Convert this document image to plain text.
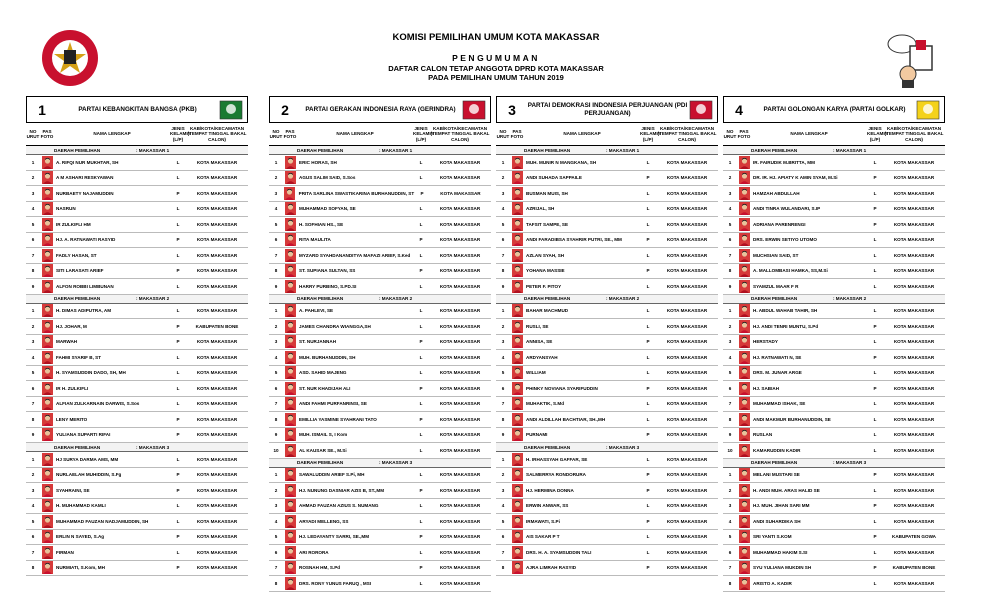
KOMISI PEMILIHAN UMUM KOTA MAKASSAR
PENGUMUMAN
DAFTAR CALON TETAP ANGGOTA DPRD KOTA MAKASSAR
PADA PEMILIHAN UMUM TAHUN 2019
1	PARTAI KEBANGKITAN BANGSA (PKB)
NO URUT
PAS FOTO
NAMA LENGKAP
JENIS KELAMIN (L/P)
KAB/KOTA/KECAMATAN (TEMPAT TINGGAL BAKAL CALON)
DAERAH PEMILIHAN	: MAKASSAR 1
1	A. RIFQI NUR MUKHTAR, SH	L	KOTA MAKASSAR
2	A M ASHARI RESKYAWAN	L	KOTA MAKASSAR
3	NURBAETY NAJAMUDDIN	P	KOTA MAKASSAR
4	NASRUN	L	KOTA MAKASSAR
5	IR ZULKIFLI HM	L	KOTA MAKASSAR
6	HJ. A. RATNAWATI RASYID	P	KOTA MAKASSAR
7	FADLY HASAN, ST	L	KOTA MAKASSAR
8	SITI LARASATI ARIEF	P	KOTA MAKASSAR
9	ALFON ROBBI LIMBUNAN	L	KOTA MAKASSAR
DAERAH PEMILIHAN	: MAKASSAR 2
1	H. DIMAS ADIPUTRA, AM	L	KOTA MAKASSAR
2	HJ. JOHAR, M	P	KABUPATEN BONE
3	MARWAH	P	KOTA MAKASSAR
4	FAHMI SYARIF B, ST	L	KOTA MAKASSAR
5	H. SYAMSUDDIN DADO, SH, MH	L	KOTA MAKASSAR
6	IR H. ZULKIFLI	L	KOTA MAKASSAR
7	ALFIAN ZULKARNAIN DARWIS, S.Sos	L	KOTA MAKASSAR
8	LENY MERITO	P	KOTA MAKASSAR
9	YULIANA SUPARTI RIFAI	P	KOTA MAKASSAR
DAERAH PEMILIHAN	: MAKASSAR 3
1	HJ SURYA DARMA AMS, MM	L	KOTA MAKASSAR
2	NURLAELAH MUHIDDIN, S.Fg	P	KOTA MAKASSAR
3	SYAHRAINI, SE	P	KOTA MAKASSAR
4	H. MUHAMMAD KAMLI	L	KOTA MAKASSAR
5	MUHAMMAD FAUZAN NADJAMUDDIN, SH	L	KOTA MAKASSAR
6	ERLIN N SAYED, S.Ag	P	KOTA MAKASSAR
7	FIRMAN	L	KOTA MAKASSAR
8	NURMIATI, S.Kom, MH	P	KOTA MAKASSAR
2	PARTAI GERAKAN INDONESIA RAYA (GERINDRA)
NO URUT
PAS FOTO
NAMA LENGKAP
JENIS KELAMIN (L/P)
KAB/KOTA/KECAMATAN (TEMPAT TINGGAL BAKAL CALON)
DAERAH PEMILIHAN	: MAKASSAR 1
1	ERIC HORAS, SH	L	KOTA MAKASSAR
2	AGUS SALIM SAID, S.Sos	L	KOTA MAKASSAR
3	PRITA SARLINA SWASTIKARINA BURHANUDDIN, ST	P	KOTA MAKASSAR
4	MUHAMMAD SOFYAN, SE	L	KOTA MAKASSAR
5	H. SOFHIAN HS., SE	L	KOTA MAKASSAR
6	RITA MAULITA	P	KOTA MAKASSAR
7	MYZARD SYAHDANANDITYA MAFAZI ARIEF, S.Ked	L	KOTA MAKASSAR
8	ST. SUPIANA SULTAN, SS	P	KOTA MAKASSAR
9	HARRY PURBINO, S.PD.SI	L	KOTA MAKASSAR
DAERAH PEMILIHAN	: MAKASSAR 2
1	A. PAHLEVI, SE	L	KOTA MAKASSAR
2	JAMES CHANDRA WIANGGA,SH	L	KOTA MAKASSAR
3	ST. NURJANNAH	P	KOTA MAKASSAR
4	MUH. BURHANUDDIN, SH	L	KOTA MAKASSAR
5	ASD. SAHID MAJENG	L	KOTA MAKASSAR
6	ST. NUR KHADIJAH ALI	P	KOTA MAKASSAR
7	ANDI FAHMI PURFANRINSI, SE	L	KOTA MAKASSAR
8	EMILLIA YASMINE SYAHRANI TATO	P	KOTA MAKASSAR
9	MUH. ISMAIL S, I Kom	L	KOTA MAKASSAR
10	AL KAUSAR SE., M.Si	L	KOTA MAKASSAR
DAERAH PEMILIHAN	: MAKASSAR 3
1	SAWALUDDIN ARIEF S.Pi, MH	L	KOTA MAKASSAR
2	HJ. NUNUNG DASNIAR AZIS B, ST.,MM	P	KOTA MAKASSAR
3	AHMAD FAUZAN AZIUS S. NUMANG	L	KOTA MAKASSAR
4	ARYADI MELLENG, SS	L	KOTA MAKASSAR
5	HJ. LEDAYANTY SARRI, SE.,MM	P	KOTA MAKASSAR
6	ARI RORORA	L	KOTA MAKASSAR
7	ROSNAH HM, S.Pd	P	KOTA MAKASSAR
8	DRS. RONY YUNUS FARUQ , MSI	L	KOTA MAKASSAR
3	PARTAI DEMOKRASI INDONESIA PERJUANGAN (PDI PERJUANGAN)
NO URUT
PAS FOTO
NAMA LENGKAP
JENIS KELAMIN (L/P)
KAB/KOTA/KECAMATAN (TEMPAT TINGGAL BAKAL CALON)
DAERAH PEMILIHAN	: MAKASSAR 1
1	MUH. MUNIR N MANGKANA, SH	L	KOTA MAKASSAR
2	ANDI SUHADA SAPPAILE	P	KOTA MAKASSAR
3	BUSMAN MUIS, SH	L	KOTA MAKASSAR
4	AZRIJAL, SH	L	KOTA MAKASSAR
5	TAFSIT SAMPE, SE	L	KOTA MAKASSAR
6	ANDI FARADIBSA SYAHRIR PUTRI, SE., MM	P	KOTA MAKASSAR
7	AZLAN SYAH, SH	L	KOTA MAKASSAR
8	YOHANA MASSIE	P	KOTA MAKASSAR
9	PETER F. PITOY	L	KOTA MAKASSAR
DAERAH PEMILIHAN	: MAKASSAR 2
1	BAHAR MACHMUD	L	KOTA MAKASSAR
2	RUSLI, SE	L	KOTA MAKASSAR
3	ANNISA, SE	P	KOTA MAKASSAR
4	ARDYANSYAH	L	KOTA MAKASSAR
5	WILLIAM	L	KOTA MAKASSAR
6	PHINKY NOVIANA SYARIFUDDIN	P	KOTA MAKASSAR
7	MUHAKTIK, S.Md	L	KOTA MAKASSAR
8	ANDI ALDILLAH BACHTIAR, SH.,MH	L	KOTA MAKASSAR
9	PURNAMI	P	KOTA MAKASSAR
DAERAH PEMILIHAN	: MAKASSAR 3
1	H. IRHASSYAH GAFFAR, SE	L	KOTA MAKASSAR
2	SALMERRYA RONDORURA	P	KOTA MAKASSAR
3	HJ. HERMINA DONNA	P	KOTA MAKASSAR
4	ERWIN ANWAR, SS	L	KOTA MAKASSAR
5	IRMAWATI, S.Pi	P	KOTA MAKASSAR
6	AIS SAKAR P T	L	KOTA MAKASSAR
7	DRS. H. A. SYAMSUDDIN TALI	L	KOTA MAKASSAR
8	AJRA LIMRAH RASYID	P	KOTA MAKASSAR
4	PARTAI GOLONGAN KARYA (PARTAI GOLKAR)
NO URUT
PAS FOTO
NAMA LENGKAP
JENIS KELAMIN (L/P)
KAB/KOTA/KECAMATAN (TEMPAT TINGGAL BAKAL CALON)
DAERAH PEMILIHAN	: MAKASSAR 1
1	IR. FAIRUDIK M.BRITTA, MM	L	KOTA MAKASSAR
2	DR. IR. HJ. APIATY K AMIN SYAM, M.Si	P	KOTA MAKASSAR
3	HAMZAH ABDULLAH	L	KOTA MAKASSAR
4	ANDI TINRA WULANDARI, S.IP	P	KOTA MAKASSAR
5	ADRIANA PARENRENGI	P	KOTA MAKASSAR
6	DRS. ERWIN SETIYO UTOMO	L	KOTA MAKASSAR
7	MUCHSIAN SAID, ST	L	KOTA MAKASSAR
8	A. MALLOMBASI HAMKA, SS,M.Si	L	KOTA MAKASSAR
9	SYAMZUL MAAR F R	L	KOTA MAKASSAR
DAERAH PEMILIHAN	: MAKASSAR 2
1	H. ABDUL WAHAB TAHIR, SH	L	KOTA MAKASSAR
2	HJ. ANDI TENRI MUNTU, S.Pd	P	KOTA MAKASSAR
3	HERSTADY	L	KOTA MAKASSAR
4	HJ. RATNAWATI N, SE	P	KOTA MAKASSAR
5	DRS. M. JUNAR ARGE	L	KOTA MAKASSAR
6	HJ. SABIAH	P	KOTA MAKASSAR
7	MUHAMMAD ISHAK, SE	L	KOTA MAKASSAR
8	ANDI MAKMUR BURHANUDDIN, SE	L	KOTA MAKASSAR
9	RUSLAN	L	KOTA MAKASSAR
10	KAMARUDDIN KADIR	L	KOTA MAKASSAR
DAERAH PEMILIHAN	: MAKASSAR 3
1	MELANI MUSTARI SE	P	KOTA MAKASSAR
2	H. ANDI MUH. ARAS HALID SE	L	KOTA MAKASSAR
3	HJ. MUH. JIHAN SARI MM	P	KOTA MAKASSAR
4	ANDI SUHARDIKA SH	L	KOTA MAKASSAR
5	SRI YANTI S.KOM	P	KABUPATEN GOWA
6	MUHAMMAD HAKIM S.SI	L	KOTA MAKASSAR
7	SYU YULIANA MUKDIN SH	P	KABUPATEN BONE
8	ARISTO A. KADIR	L	KOTA MAKASSAR
